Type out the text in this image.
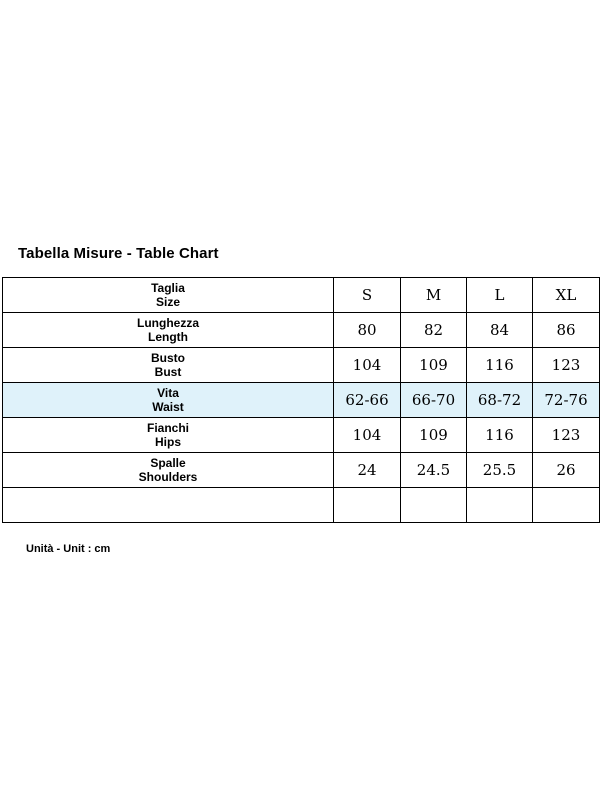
Tabella Misure - Table Chart
Taglia
Size	S	M	L	XL

Lunghezza
Length	80	82	84	86

Busto
Bust	104	109	116	123

Vita
Waist	62-66	66-70	68-72	72-76

Fianchi
Hips	104	109	116	123

Spalle
Shoulders	24	24.5	25.5	26

Unità - Unit : cm
